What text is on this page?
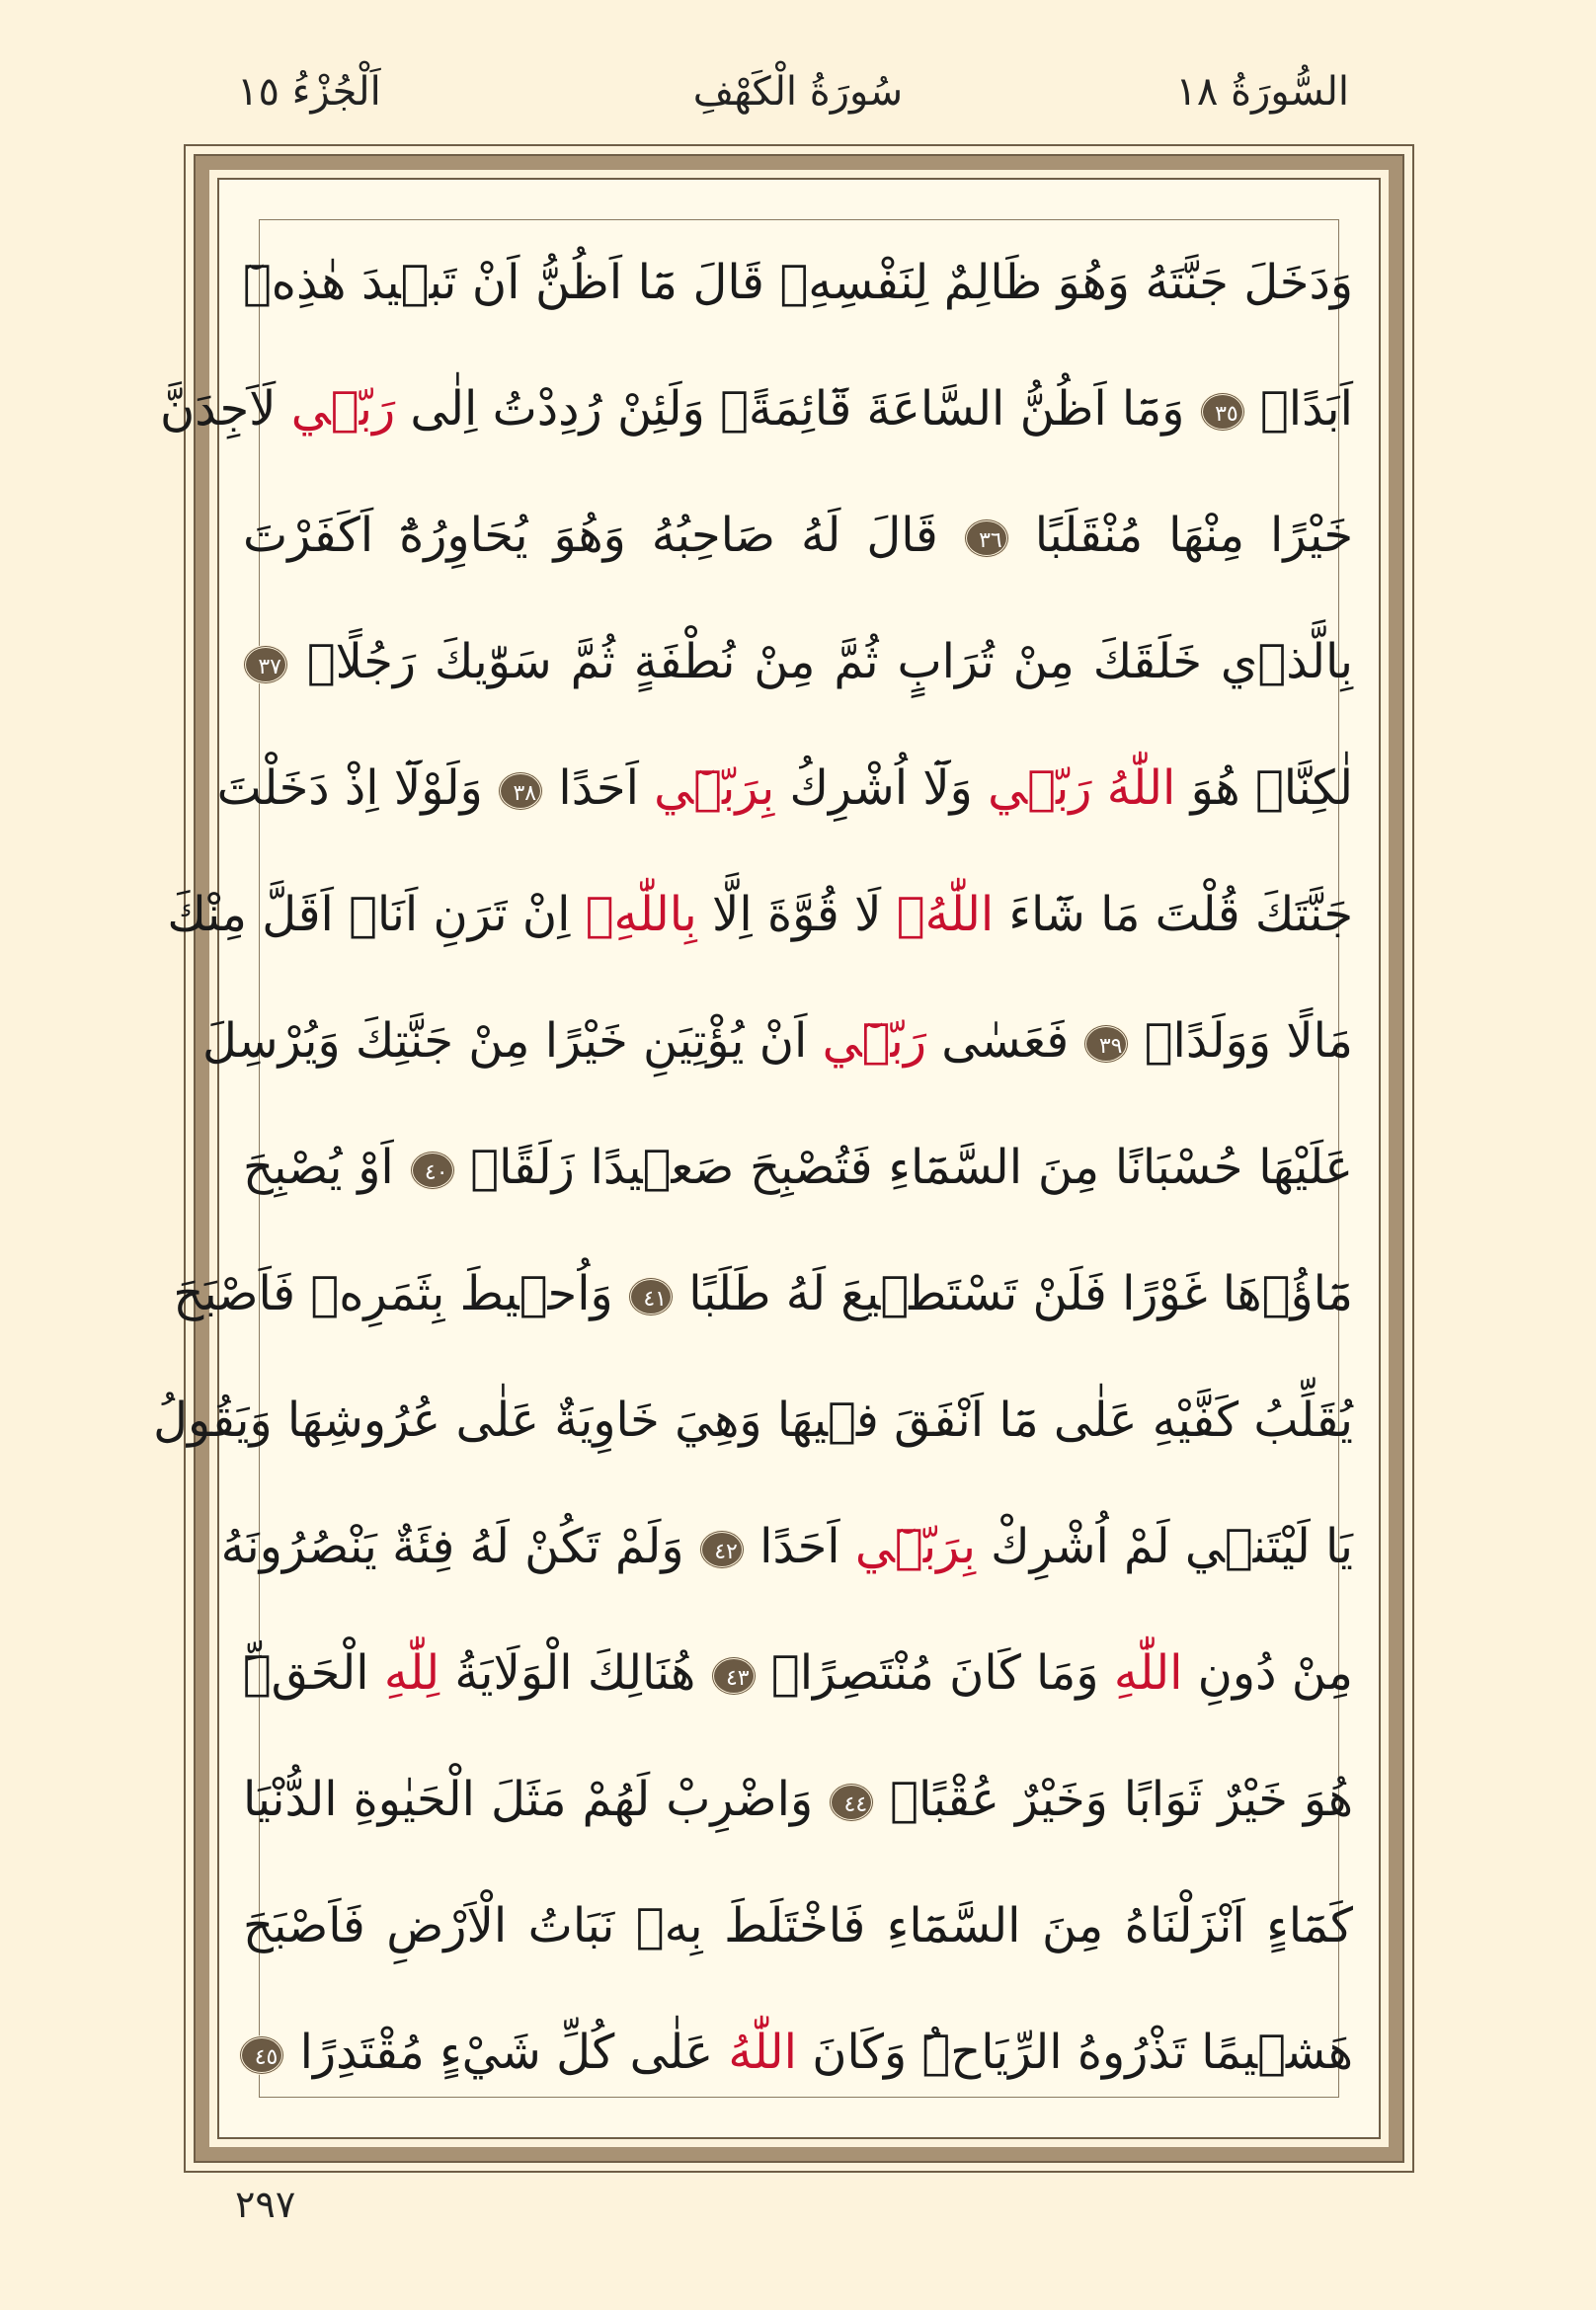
السُّورَةُ ١٨
سُورَةُ الْكَهْفِ
اَلْجُزْءُ ١٥
وَدَخَلَ جَنَّتَهُ وَهُوَ ظَالِمٌ لِنَفْسِهِۚ قَالَ مَٓا اَظُنُّ اَنْ تَب۪يدَ هٰذِه۪ٓ
اَبَدًاۙ ٣٥ وَمَٓا اَظُنُّ السَّاعَةَ قَٓائِمَةًۙ وَلَئِنْ رُدِدْتُ اِلٰى رَبّ۪ي لَاَجِدَنَّ
خَيْرًا مِنْهَا مُنْقَلَبًا ٣٦ قَالَ لَهُ صَاحِبُهُ وَهُوَ يُحَاوِرُهُٓ اَكَفَرْتَ
بِالَّذ۪ي خَلَقَكَ مِنْ تُرَابٍ ثُمَّ مِنْ نُطْفَةٍ ثُمَّ سَوّٰيكَ رَجُلًاۜ ٣٧
لٰكِنَّا۬ هُوَ اللّٰهُ رَبّ۪ي وَلَٓا اُشْرِكُ بِرَبّ۪ٓي اَحَدًا ٣٨ وَلَوْلَٓا اِذْ دَخَلْتَ
جَنَّتَكَ قُلْتَ مَا شَٓاءَ اللّٰهُۙ لَا قُوَّةَ اِلَّا بِاللّٰهِۚ اِنْ تَرَنِ اَنَا۬ اَقَلَّ مِنْكَ
مَالًا وَوَلَدًاۚ ٣٩ فَعَسٰى رَبّ۪ٓي اَنْ يُؤْتِيَنِ خَيْرًا مِنْ جَنَّتِكَ وَيُرْسِلَ
عَلَيْهَا حُسْبَانًا مِنَ السَّمَٓاءِ فَتُصْبِحَ صَع۪يدًا زَلَقًاۙ ٤٠ اَوْ يُصْبِحَ
مَٓاؤُ۬هَا غَوْرًا فَلَنْ تَسْتَط۪يعَ لَهُ طَلَبًا ٤١ وَاُح۪يطَ بِثَمَرِه۪ فَاَصْبَحَ
يُقَلِّبُ كَفَّيْهِ عَلٰى مَٓا اَنْفَقَ ف۪يهَا وَهِيَ خَاوِيَةٌ عَلٰى عُرُوشِهَا وَيَقُولُ
يَا لَيْتَن۪ي لَمْ اُشْرِكْ بِرَبّ۪ٓي اَحَدًا ٤٢ وَلَمْ تَكُنْ لَهُ فِئَةٌ يَنْصُرُونَهُ
مِنْ دُونِ اللّٰهِ وَمَا كَانَ مُنْتَصِرًاۜ ٤٣ هُنَالِكَ الْوَلَايَةُ لِلّٰهِ الْحَقِّۜ
هُوَ خَيْرٌ ثَوَابًا وَخَيْرٌ عُقْبًاۘ ٤٤ وَاضْرِبْ لَهُمْ مَثَلَ الْحَيٰوةِ الدُّنْيَا
كَمَٓاءٍ اَنْزَلْنَاهُ مِنَ السَّمَٓاءِ فَاخْتَلَطَ بِه۪ نَبَاتُ الْاَرْضِ فَاَصْبَحَ
هَش۪يمًا تَذْرُوهُ الرِّيَاحُۜ وَكَانَ اللّٰهُ عَلٰى كُلِّ شَيْءٍ مُقْتَدِرًا ٤٥
٢٩٧
